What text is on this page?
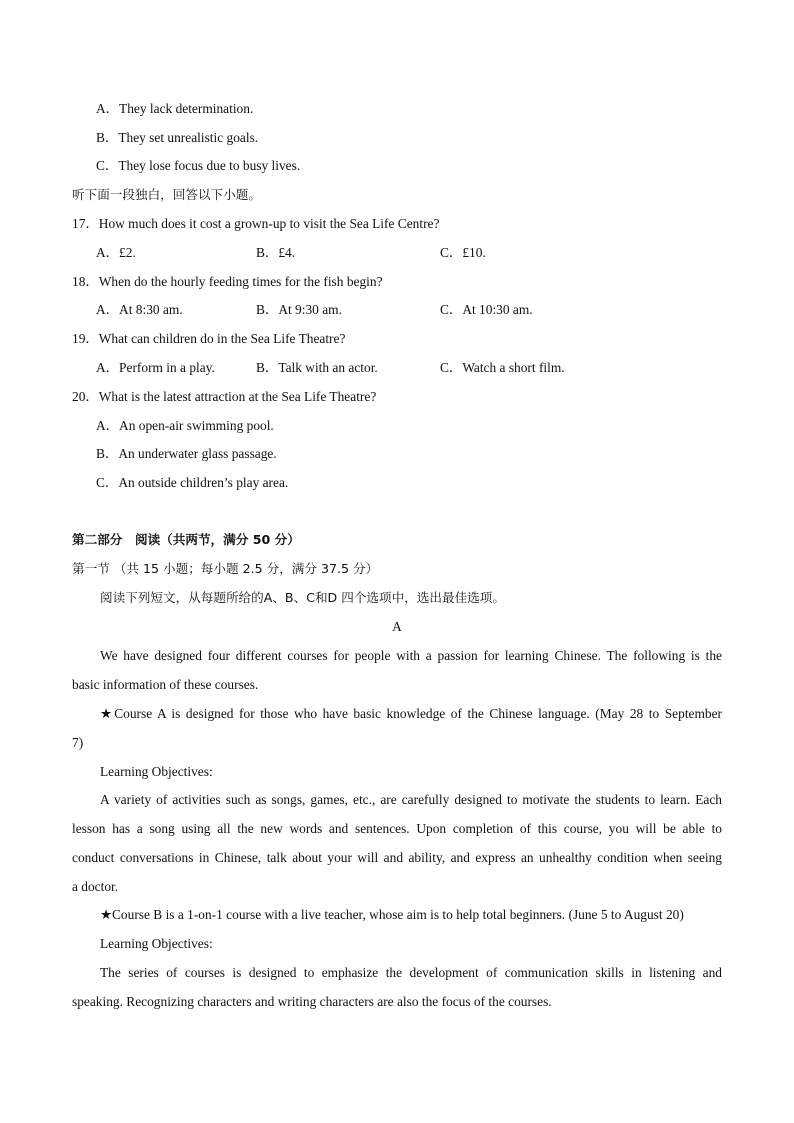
A．They lack determination.
B．They set unrealistic goals.
C．They lose focus due to busy lives.
听下面一段独白，回答以下小题。
17．How much does it cost a grown-up to visit the Sea Life Centre?
A．£2.	B．£4.	C．£10.
18．When do the hourly feeding times for the fish begin?
A．At 8:30 am.	B．At 9:30 am.	C．At 10:30 am.
19．What can children do in the Sea Life Theatre?
A．Perform in a play.	B．Talk with an actor.	C．Watch a short film.
20．What is the latest attraction at the Sea Life Theatre?
A．An open-air swimming pool.
B．An underwater glass passage.
C．An outside children’s play area.
第二部分　阅读（共两节，满分 50 分）
第一节 （共 15 小题；每小题 2.5 分，满分 37.5 分）
阅读下列短文，从每题所给的A、B、C和D 四个选项中，选出最佳选项。
A
We have designed four different courses for people with a passion for learning Chinese. The following is the
basic information of these courses.
★Course A is designed for those who have basic knowledge of the Chinese language. (May 28 to September
7)
Learning Objectives:
A variety of activities such as songs, games, etc., are carefully designed to motivate the students to learn. Each
lesson has a song using all the new words and sentences. Upon completion of this course, you will be able to
conduct conversations in Chinese, talk about your will and ability, and express an unhealthy condition when seeing
a doctor.
★Course B is a 1-on-1 course with a live teacher, whose aim is to help total beginners. (June 5 to August 20)
Learning Objectives:
The series of courses is designed to emphasize the development of communication skills in listening and
speaking. Recognizing characters and writing characters are also the focus of the courses.
